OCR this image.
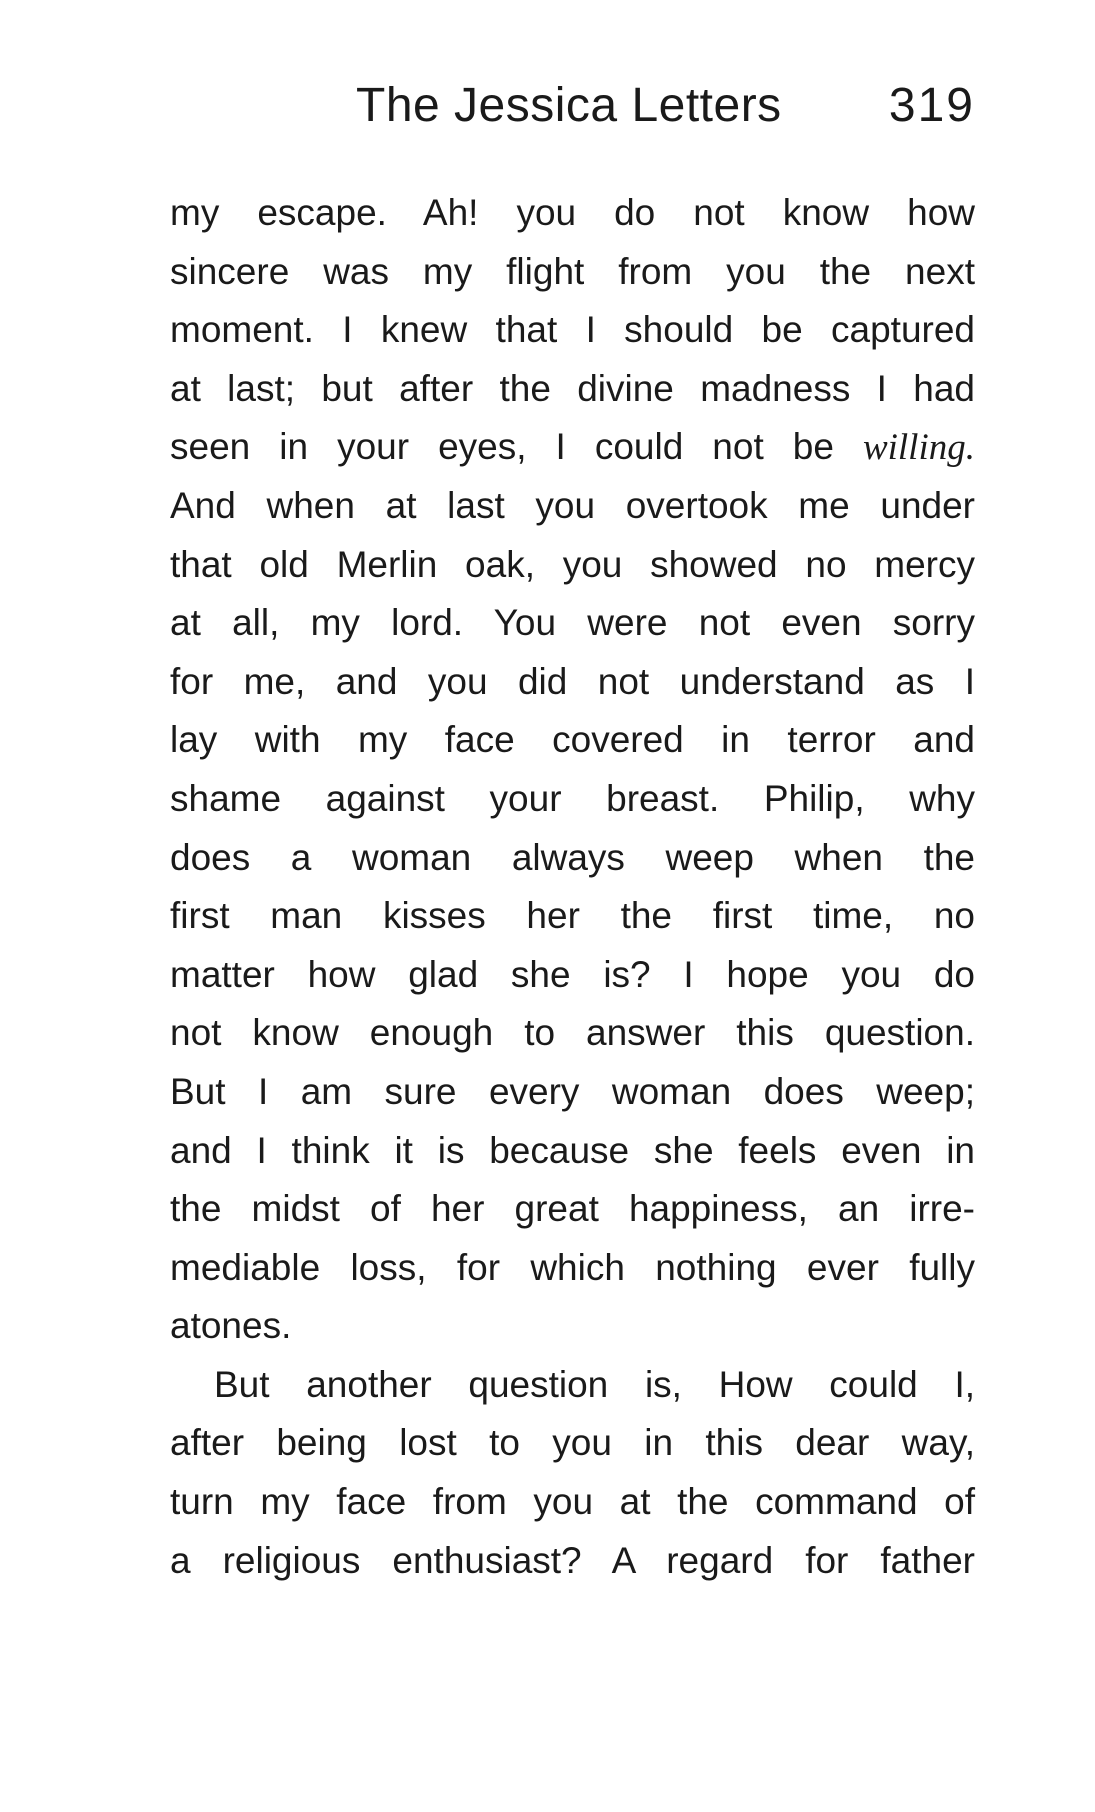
The Jessica Letters 319
my escape. Ah! you do not know how
sincere was my flight from you the next
moment. I knew that I should be captured
at last; but after the divine madness I had
seen in your eyes, I could not be willing.
And when at last you overtook me under
that old Merlin oak, you showed no mercy
at all, my lord. You were not even sorry
for me, and you did not understand as I
lay with my face covered in terror and
shame against your breast. Philip, why
does a woman always weep when the
first man kisses her the first time, no
matter how glad she is? I hope you do
not know enough to answer this question.
But I am sure every woman does weep;
and I think it is because she feels even in
the midst of her great happiness, an irre-
mediable loss, for which nothing ever fully
atones.
But another question is, How could I,
after being lost to you in this dear way,
turn my face from you at the command of
a religious enthusiast? A regard for father
